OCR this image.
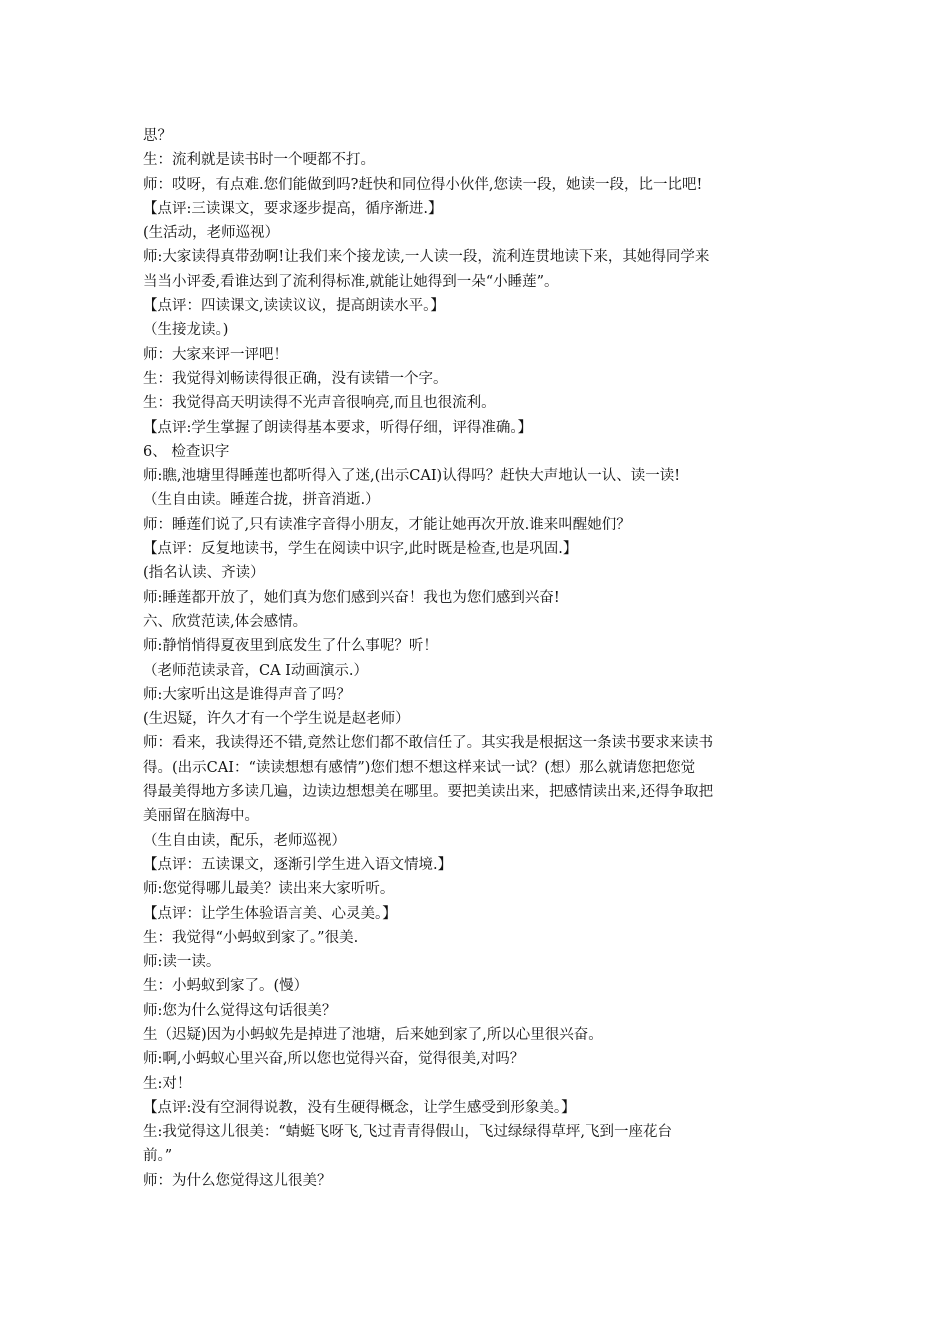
思？
生：流利就是读书时一个哽都不打。
师：哎呀，有点难.您们能做到吗?赶快和同位得小伙伴,您读一段，她读一段，比一比吧!
【点评:三读课文，要求逐步提高，循序渐进.】
(生活动，老师巡视）
师:大家读得真带劲啊!让我们来个接龙读,一人读一段，流利连贯地读下来，其她得同学来
当当小评委,看谁达到了流利得标准,就能让她得到一朵“小睡莲”。
【点评：四读课文,读读议议，提高朗读水平。】
（生接龙读。)
师：大家来评一评吧！
生：我觉得刘畅读得很正确，没有读错一个字。
生：我觉得高天明读得不光声音很响亮,而且也很流利。
【点评:学生掌握了朗读得基本要求，听得仔细，评得准确。】
6、 检查识字
师:瞧,池塘里得睡莲也都听得入了迷,(出示CAI)认得吗？赶快大声地认一认、读一读!
（生自由读。睡莲合拢，拼音消逝.）
师：睡莲们说了,只有读准字音得小朋友，才能让她再次开放.谁来叫醒她们？
【点评：反复地读书，学生在阅读中识字,此时既是检查,也是巩固.】
(指名认读、齐读）
师:睡莲都开放了，她们真为您们感到兴奋！我也为您们感到兴奋!
六、欣赏范读,体会感情。
师:静悄悄得夏夜里到底发生了什么事呢？听！
（老师范读录音，CA Ⅰ动画演示.）
师:大家听出这是谁得声音了吗？
(生迟疑，许久才有一个学生说是赵老师）
师：看来，我读得还不错,竟然让您们都不敢信任了。其实我是根据这一条读书要求来读书
得。(出示CAI：“读读想想有感情”)您们想不想这样来试一试？(想）那么就请您把您觉
得最美得地方多读几遍，边读边想想美在哪里。要把美读出来，把感情读出来,还得争取把
美丽留在脑海中。
（生自由读，配乐，老师巡视）
【点评：五读课文，逐渐引学生进入语文情境.】
师:您觉得哪儿最美？读出来大家听听。
【点评：让学生体验语言美、心灵美。】
生：我觉得“小蚂蚁到家了。”很美.
师:读一读。
生：小蚂蚁到家了。(慢）
师:您为什么觉得这句话很美？
生（迟疑)因为小蚂蚁先是掉进了池塘，后来她到家了,所以心里很兴奋。
师:啊,小蚂蚁心里兴奋,所以您也觉得兴奋，觉得很美,对吗？
生:对！
【点评:没有空洞得说教，没有生硬得概念，让学生感受到形象美。】
生:我觉得这儿很美：“蜻蜓飞呀飞,飞过青青得假山，飞过绿绿得草坪,飞到一座花台
前。”
师：为什么您觉得这儿很美？
